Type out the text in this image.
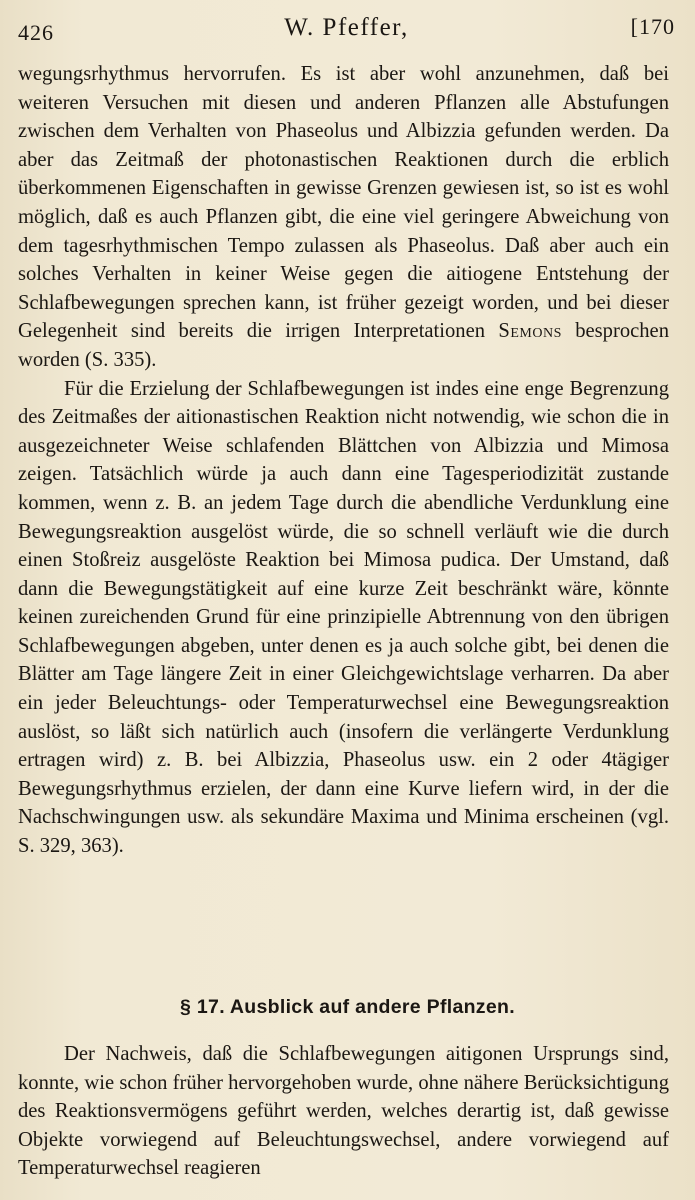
426	W. Pfeffer,	[170

wegungsrhythmus hervorrufen. Es ist aber wohl anzunehmen, daß bei weiteren Versuchen mit diesen und anderen Pflanzen alle Abstufungen zwischen dem Verhalten von Phaseolus und Albizzia gefunden werden. Da aber das Zeitmaß der photonastischen Reaktionen durch die erblich überkommenen Eigenschaften in gewisse Grenzen gewiesen ist, so ist es wohl möglich, daß es auch Pflanzen gibt, die eine viel geringere Abweichung von dem tagesrhythmischen Tempo zulassen als Phaseolus. Daß aber auch ein solches Verhalten in keiner Weise gegen die aitiogene Entstehung der Schlafbewegungen sprechen kann, ist früher gezeigt worden, und bei dieser Gelegenheit sind bereits die irrigen Interpretationen Semons besprochen worden (S. 335).

Für die Erzielung der Schlafbewegungen ist indes eine enge Begrenzung des Zeitmaßes der aitionastischen Reaktion nicht notwendig, wie schon die in ausgezeichneter Weise schlafenden Blättchen von Albizzia und Mimosa zeigen. Tatsächlich würde ja auch dann eine Tagesperiodizität zustande kommen, wenn z. B. an jedem Tage durch die abendliche Verdunklung eine Bewegungsreaktion ausgelöst würde, die so schnell verläuft wie die durch einen Stoßreiz ausgelöste Reaktion bei Mimosa pudica. Der Umstand, daß dann die Bewegungstätigkeit auf eine kurze Zeit beschränkt wäre, könnte keinen zureichenden Grund für eine prinzipielle Abtrennung von den übrigen Schlafbewegungen abgeben, unter denen es ja auch solche gibt, bei denen die Blätter am Tage längere Zeit in einer Gleichgewichtslage verharren. Da aber ein jeder Beleuchtungs- oder Temperaturwechsel eine Bewegungsreaktion auslöst, so läßt sich natürlich auch (insofern die verlängerte Verdunklung ertragen wird) z. B. bei Albizzia, Phaseolus usw. ein 2 oder 4tägiger Bewegungsrhythmus erzielen, der dann eine Kurve liefern wird, in der die Nachschwingungen usw. als sekundäre Maxima und Minima erscheinen (vgl. S. 329, 363).

§ 17. Ausblick auf andere Pflanzen.

Der Nachweis, daß die Schlafbewegungen aitigonen Ursprungs sind, konnte, wie schon früher hervorgehoben wurde, ohne nähere Berücksichtigung des Reaktionsvermögens geführt werden, welches derartig ist, daß gewisse Objekte vorwiegend auf Beleuchtungswechsel, andere vorwiegend auf Temperaturwechsel reagieren
